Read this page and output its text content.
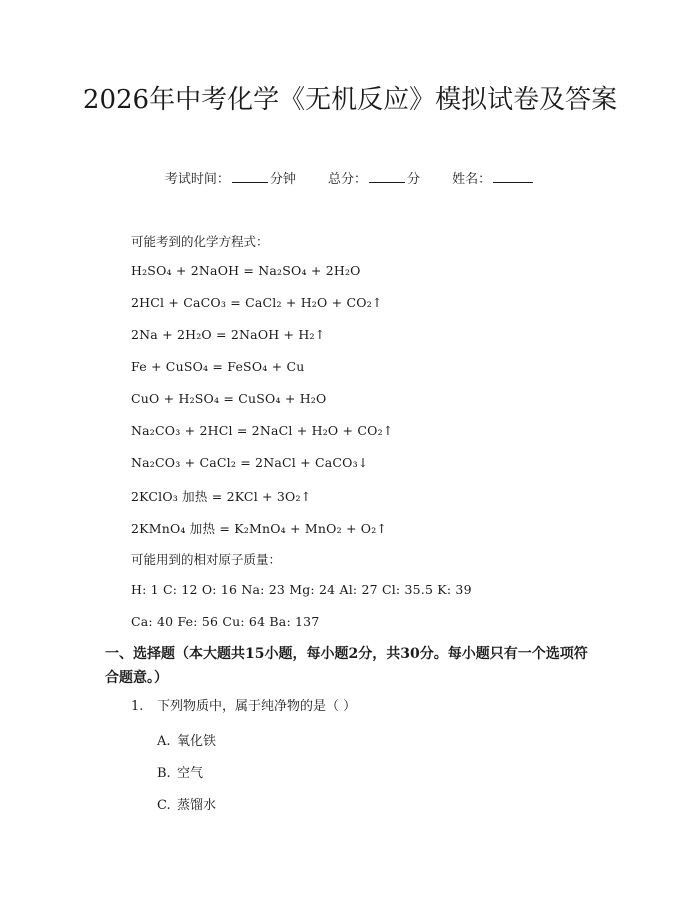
2026年中考化学《无机反应》模拟试卷及答案
考试时间：	分钟 总分：	分 姓名：
可能考到的化学方程式：
H₂SO₄ + 2NaOH = Na₂SO₄ + 2H₂O
2HCl + CaCO₃ = CaCl₂ + H₂O + CO₂↑
2Na + 2H₂O = 2NaOH + H₂↑
Fe + CuSO₄ = FeSO₄ + Cu
CuO + H₂SO₄ = CuSO₄ + H₂O
Na₂CO₃ + 2HCl = 2NaCl + H₂O + CO₂↑
Na₂CO₃ + CaCl₂ = 2NaCl + CaCO₃↓
2KClO₃ 加热 = 2KCl + 3O₂↑
2KMnO₄ 加热 = K₂MnO₄ + MnO₂ + O₂↑
可能用到的相对原子质量：
H: 1 C: 12 O: 16 Na: 23 Mg: 24 Al: 27 Cl: 35.5 K: 39
Ca: 40 Fe: 56 Cu: 64 Ba: 137
一、选择题（本大题共15小题，每小题2分，共30分。每小题只有一个选项符合题意。）
1. 下列物质中，属于纯净物的是（ ）
A. 氧化铁
B. 空气
C. 蒸馏水
